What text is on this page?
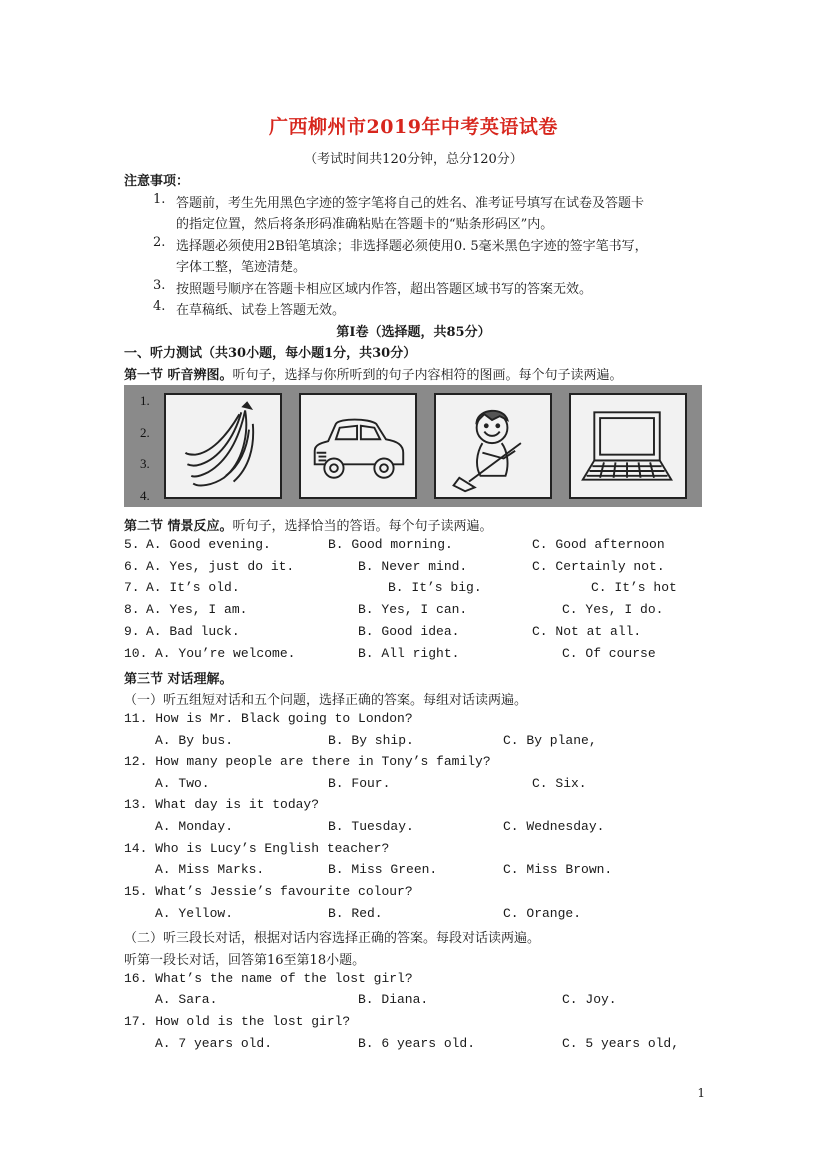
广西柳州市2019年中考英语试卷
（考试时间共120分钟，总分120分）
注意事项：
1. 答题前，考生先用黑色字迹的签字笔将自己的姓名、准考证号填写在试卷及答题卡
的指定位置，然后将条形码准确粘贴在答题卡的“贴条形码区”内。
2. 选择题必须使用2B铅笔填涂；非选择题必须使用0. 5毫米黑色字迹的签字笔书写，
字体工整，笔迹清楚。
3. 按照题号顺序在答题卡相应区域内作答，超出答题区域书写的答案无效。
4. 在草稿纸、试卷上答题无效。
第Ⅰ卷（选择题，共85分）
一、听力测试（共30小题，每小题1分，共30分）
第一节 听音辨图。听句子，选择与你所听到的句子内容相符的图画。每个句子读两遍。
1.
2.
3.
4.
第二节 情景反应。听句子，选择恰当的答语。每个句子读两遍。
5. A. Good evening.	B. Good morning.	C. Good afternoon
6. A. Yes, just do it.	B. Never mind.	C. Certainly not.
7. A. It’s old.	B. It’s big.	C. It’s hot
8. A. Yes, I am.	B. Yes, I can.	C. Yes, I do.
9. A. Bad luck.	B. Good idea.	C. Not at all.
10. A. You’re welcome.	B. All right.	C. Of course
第三节 对话理解。
（一）听五组短对话和五个问题，选择正确的答案。每组对话读两遍。
11. How is Mr. Black going to London?
A. By bus.	B. By ship.	C. By plane,
12. How many people are there in Tony’s family?
A. Two.	B. Four.	C. Six.
13. What day is it today?
A. Monday.	B. Tuesday.	C. Wednesday.
14. Who is Lucy’s English teacher?
A. Miss Marks.	B. Miss Green.	C. Miss Brown.
15. What’s Jessie’s favourite colour?
A. Yellow.	B. Red.	C. Orange.
（二）听三段长对话，根据对话内容选择正确的答案。每段对话读两遍。
听第一段长对话，回答第16至第18小题。
16. What’s the name of the lost girl?
A. Sara.	B. Diana.	C. Joy.
17. How old is the lost girl?
A. 7 years old.	B. 6 years old.	C. 5 years old,
1
